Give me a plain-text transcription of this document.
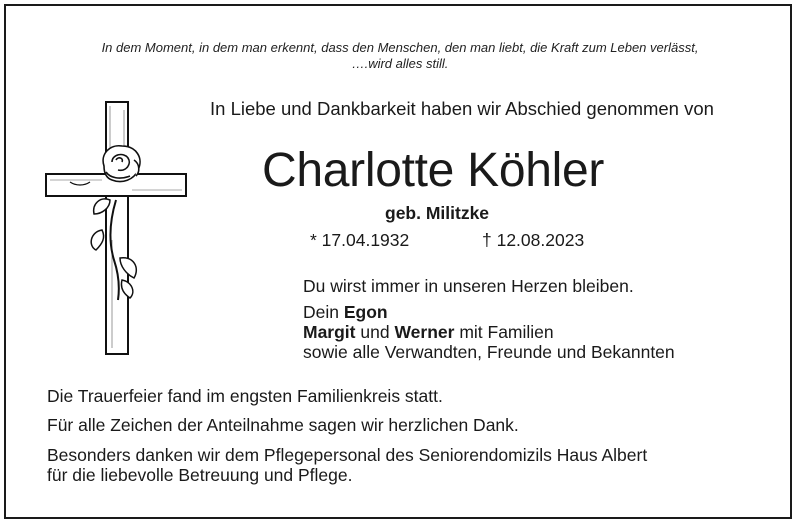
In dem Moment, in dem man erkennt, dass den Menschen, den man liebt, die Kraft zum Leben verlässt,
….wird alles still.
In Liebe und Dankbarkeit haben wir Abschied genommen von
Charlotte Köhler
geb. Militzke
* 17.04.1932	† 12.08.2023
Du wirst immer in unseren Herzen bleiben.
Dein Egon
Margit und Werner mit Familien
sowie alle Verwandten, Freunde und Bekannten
Die Trauerfeier fand im engsten Familienkreis statt.
Für alle Zeichen der Anteilnahme sagen wir herzlichen Dank.
Besonders danken wir dem Pflegepersonal des Seniorendomizils Haus Albert
für die liebevolle Betreuung und Pflege.
